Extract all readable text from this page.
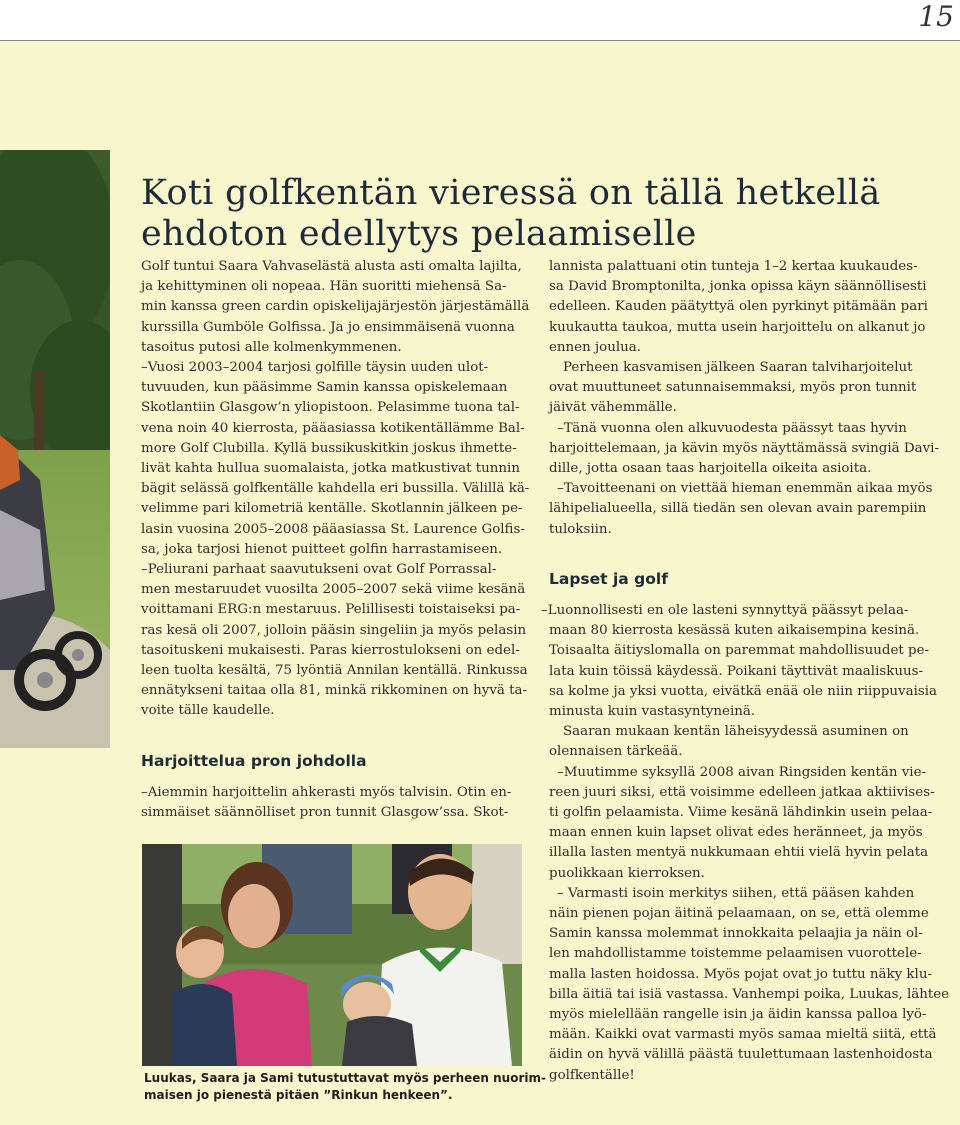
15
Koti golfkentän vieressä on tällä hetkellä
ehdoton edellytys pelaamiselle

Golf tuntui Saara Vahvaselästä alusta asti omalta lajilta,
ja kehittyminen oli nopeaa. Hän suoritti miehensä Sa-
min kanssa green cardin opiskelijajärjestön järjestämällä
kurssilla Gumböle Golfissa. Ja jo ensimmäisenä vuonna
tasoitus putosi alle kolmenkymmenen.
–Vuosi 2003–2004 tarjosi golfille täysin uuden ulot-
tuvuuden, kun pääsimme Samin kanssa opiskelemaan
Skotlantiin Glasgow’n yliopistoon. Pelasimme tuona tal-
vena noin 40 kierrosta, pääasiassa kotikentällämme Bal-
more Golf Clubilla. Kyllä bussikuskitkin joskus ihmette-
livät kahta hullua suomalaista, jotka matkustivat tunnin
bägit selässä golfkentälle kahdella eri bussilla. Välillä kä-
velimme pari kilometriä kentälle. Skotlannin jälkeen pe-
lasin vuosina 2005–2008 pääasiassa St. Laurence Golfis-
sa, joka tarjosi hienot puitteet golfin harrastamiseen.
–Peliurani parhaat saavutukseni ovat Golf Porrassal-
men mestaruudet vuosilta 2005–2007 sekä viime kesänä
voittamani ERG:n mestaruus. Pelillisesti toistaiseksi pa-
ras kesä oli 2007, jolloin pääsin singeliin ja myös pelasin
tasoituskeni mukaisesti. Paras kierrostulokseni on edel-
leen tuolta kesältä, 75 lyöntiä Annilan kentällä. Rinkussa
ennätykseni taitaa olla 81, minkä rikkominen on hyvä ta-
voite tälle kaudelle.

Harjoittelua pron johdolla

–Aiemmin harjoittelin ahkerasti myös talvisin. Otin en-
simmäiset säännölliset pron tunnit Glasgow’ssa. Skot-

Luukas, Saara ja Sami tutustuttavat myös perheen nuorim-
maisen jo pienestä pitäen ”Rinkun henkeen”.

lannista palattuani otin tunteja 1–2 kertaa kuukaudes-
sa David Bromptonilta, jonka opissa käyn säännöllisesti
edelleen. Kauden päätyttyä olen pyrkinyt pitämään pari
kuukautta taukoa, mutta usein harjoittelu on alkanut jo
ennen joulua.
Perheen kasvamisen jälkeen Saaran talviharjoitelut
ovat muuttuneet satunnaisemmaksi, myös pron tunnit
jäivät vähemmälle.
–Tänä vuonna olen alkuvuodesta päässyt taas hyvin
harjoittelemaan, ja kävin myös näyttämässä svingiä Davi-
dille, jotta osaan taas harjoitella oikeita asioita.
–Tavoitteenani on viettää hieman enemmän aikaa myös
lähipelialueella, sillä tiedän sen olevan avain parempiin
tuloksiin.

Lapset ja golf

–Luonnollisesti en ole lasteni synnyttyä päässyt pelaa-
maan 80 kierrosta kesässä kuten aikaisempina kesinä.
Toisaalta äitiyslomalla on paremmat mahdollisuudet pe-
lata kuin töissä käydessä. Poikani täyttivät maaliskuus-
sa kolme ja yksi vuotta, eivätkä enää ole niin riippuvaisia
minusta kuin vastasyntyneinä.
Saaran mukaan kentän läheisyydessä asuminen on
olennaisen tärkeää.
–Muutimme syksyllä 2008 aivan Ringsiden kentän vie-
reen juuri siksi, että voisimme edelleen jatkaa aktiivises-
ti golfin pelaamista. Viime kesänä lähdinkin usein pelaa-
maan ennen kuin lapset olivat edes heränneet, ja myös
illalla lasten mentyä nukkumaan ehtii vielä hyvin pelata
puolikkaan kierroksen.
– Varmasti isoin merkitys siihen, että pääsen kahden
näin pienen pojan äitinä pelaamaan, on se, että olemme
Samin kanssa molemmat innokkaita pelaajia ja näin ol-
len mahdollistamme toistemme pelaamisen vuorottele-
malla lasten hoidossa. Myös pojat ovat jo tuttu näky klu-
billa äitiä tai isiä vastassa. Vanhempi poika, Luukas, lähtee
myös mielellään rangelle isin ja äidin kanssa palloa lyö-
mään. Kaikki ovat varmasti myös samaa mieltä siitä, että
äidin on hyvä välillä päästä tuulettumaan lastenhoidosta
golfkentälle!
